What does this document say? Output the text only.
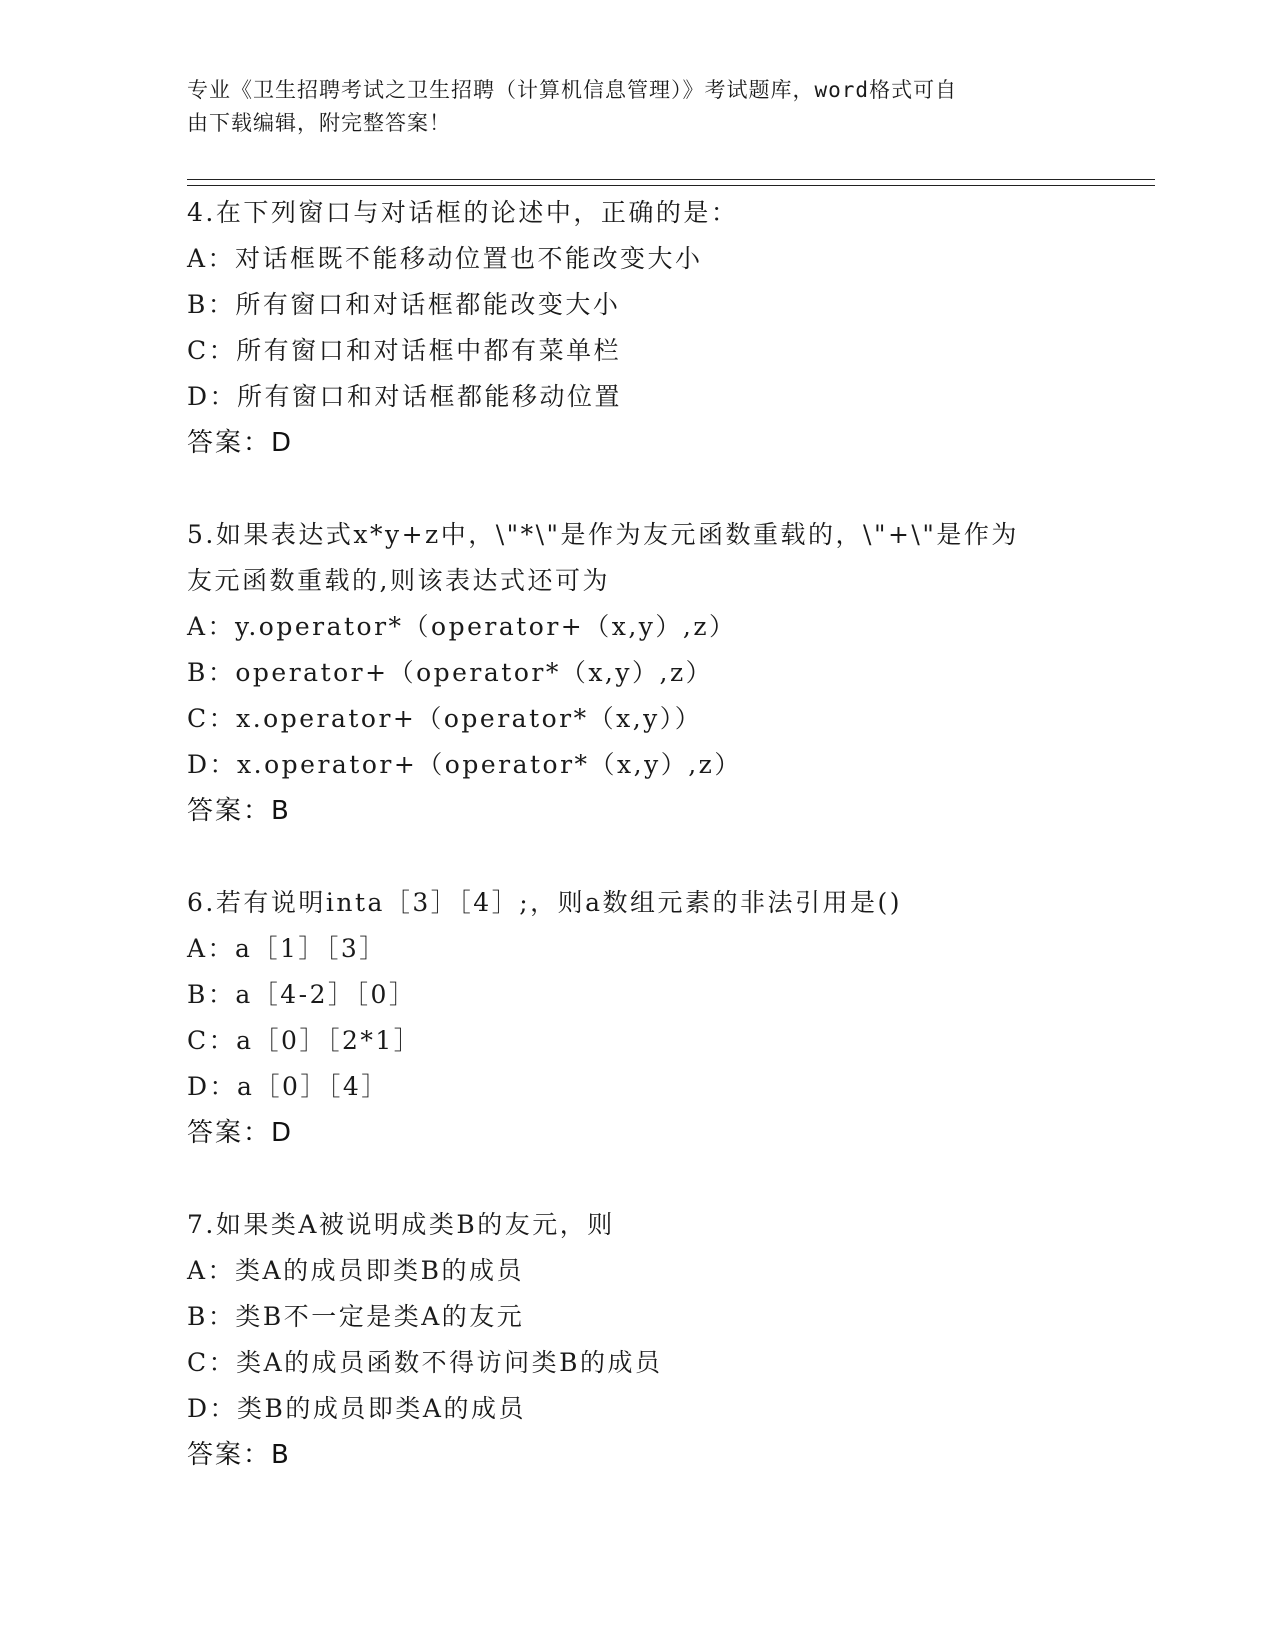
专业《卫生招聘考试之卫生招聘（计算机信息管理）》考试题库，word格式可自
由下载编辑，附完整答案！
4.在下列窗口与对话框的论述中，正确的是：
A：对话框既不能移动位置也不能改变大小
B：所有窗口和对话框都能改变大小
C：所有窗口和对话框中都有菜单栏
D：所有窗口和对话框都能移动位置
答案：D
5.如果表达式x*y+z中，\"*\"是作为友元函数重载的，\"+\"是作为
友元函数重载的,则该表达式还可为
A：y.operator*（operator+（x,y）,z）
B：operator+（operator*（x,y）,z）
C：x.operator+（operator*（x,y））
D：x.operator+（operator*（x,y）,z）
答案：B
6.若有说明inta［3］［4］;，则a数组元素的非法引用是()
A：a［1］［3］
B：a［4-2］［0］
C：a［0］［2*1］
D：a［0］［4］
答案：D
7.如果类A被说明成类B的友元，则
A：类A的成员即类B的成员
B：类B不一定是类A的友元
C：类A的成员函数不得访问类B的成员
D：类B的成员即类A的成员
答案：B
